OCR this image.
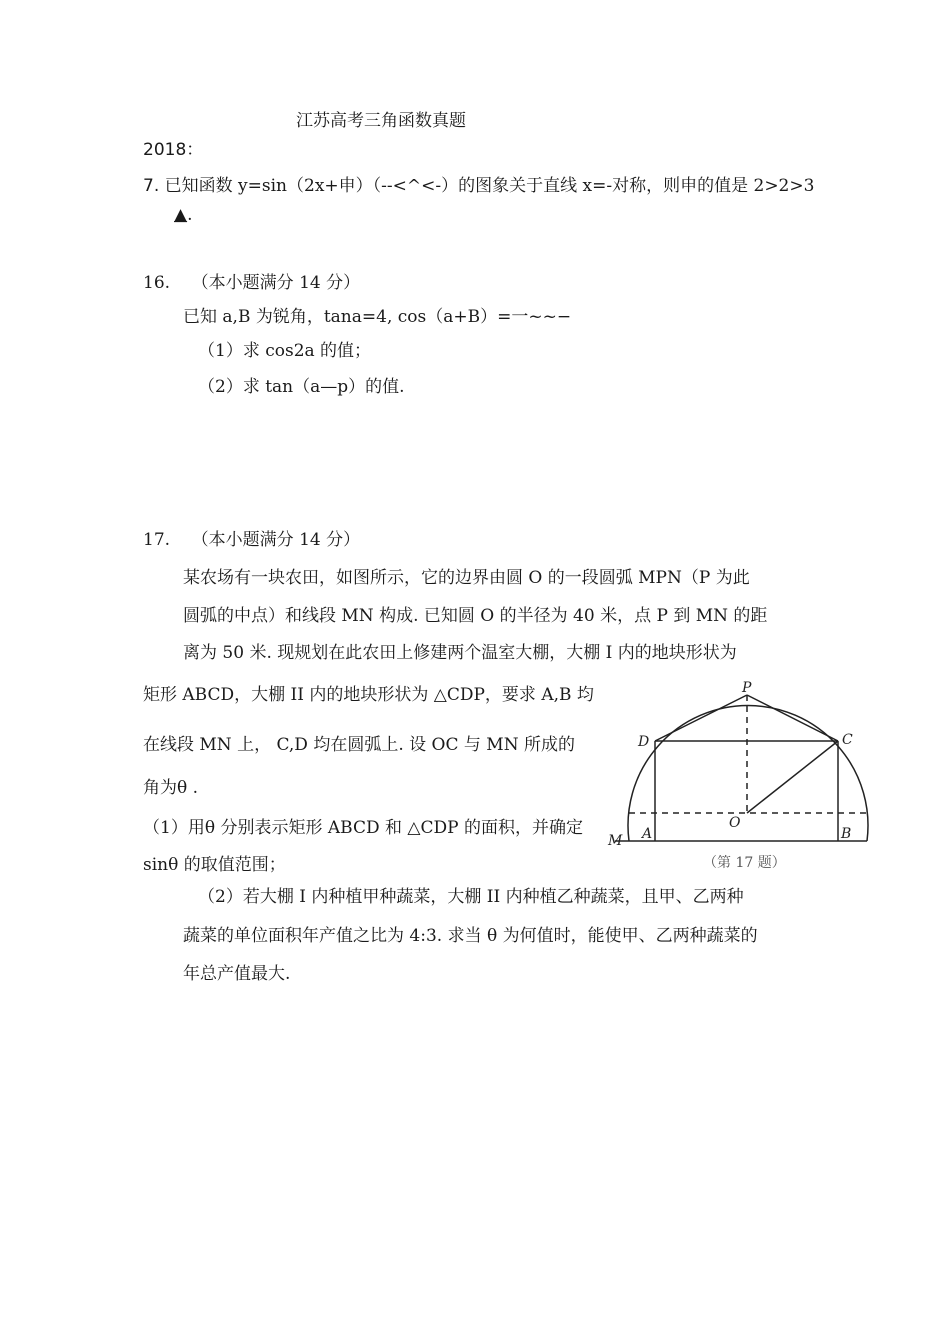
江苏高考三角函数真题
2018：
7. 已知函数 y=sin（2x+申）（--<^<-）的图象关于直线 x=-对称，则申的值是 2>2>3
▲.
16. （本小题满分 14 分）
已知 a,B 为锐角，tana=4, cos（a+B）=一~~−
（1）求 cos2a 的值；
（2）求 tan（a—p）的值.
17. （本小题满分 14 分）
某农场有一块农田，如图所示，它的边界由圆 O 的一段圆弧 MPN（P 为此
圆弧的中点）和线段 MN 构成. 已知圆 O 的半径为 40 米，点 P 到 MN 的距
离为 50 米. 现规划在此农田上修建两个温室大棚，大棚 I 内的地块形状为
矩形 ABCD，大棚 II 内的地块形状为 △CDP，要求 A,B 均
在线段 MN 上， C,D 均在圆弧上. 设 OC 与 MN 所成的
角为θ .
（1）用θ 分别表示矩形 ABCD 和 △CDP 的面积，并确定
sinθ 的取值范围；
（2）若大棚 I 内种植甲种蔬菜，大棚 II 内种植乙种蔬菜，且甲、乙两种
蔬菜的单位面积年产值之比为 4:3. 求当 θ 为何值时，能使甲、乙两种蔬菜的
年总产值最大.
P
D	C
O
M A	B
（第 17 题）
